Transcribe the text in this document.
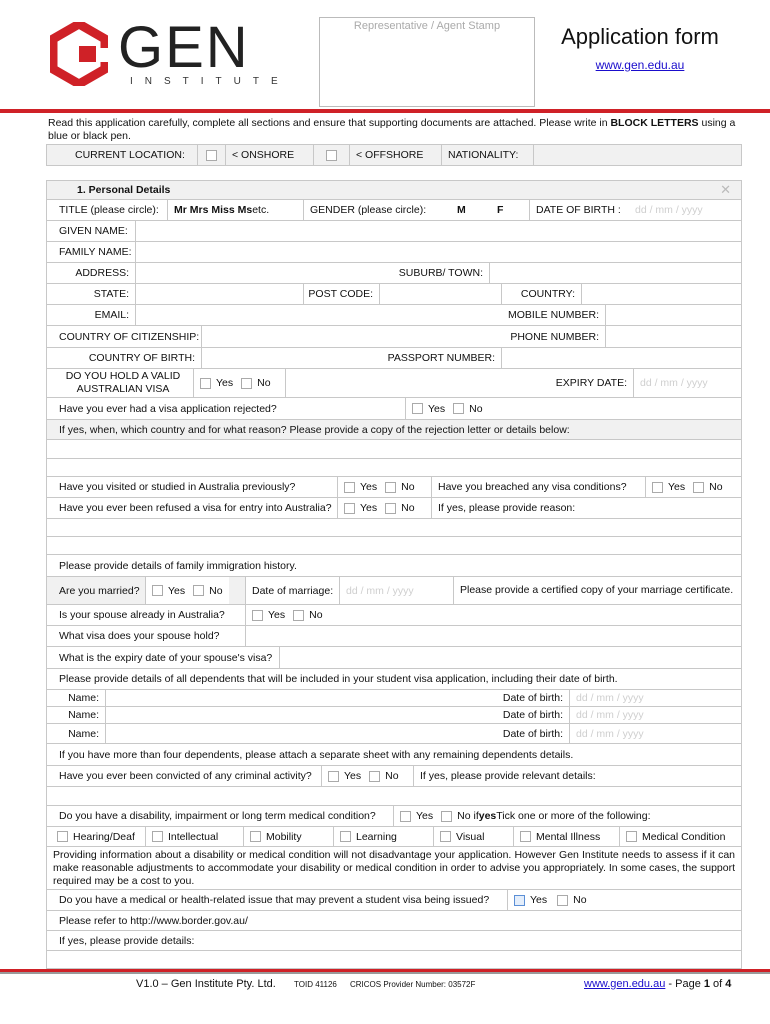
GEN
INSTITUTE
Representative / Agent Stamp	Application form
www.gen.edu.au
Read this application carefully, complete all sections and ensure that supporting documents are attached. Please write in BLOCK LETTERS using a blue or black pen.
CURRENT LOCATION:	< ONSHORE	< OFFSHORE	NATIONALITY:
1. Personal Details	✕
TITLE (please circle):	Mr Mrs Miss Ms etc.	GENDER (please circle):	M	F	DATE OF BIRTH :	dd / mm / yyyy
GIVEN NAME:
FAMILY NAME:
ADDRESS:	SUBURB/ TOWN:
STATE:	POST CODE:	COUNTRY:
EMAIL:	MOBILE NUMBER:
COUNTRY OF CITIZENSHIP:	PHONE NUMBER:
COUNTRY OF BIRTH:	PASSPORT NUMBER:
DO YOU HOLD A VALID AUSTRALIAN VISA	Yes No	EXPIRY DATE:	dd / mm / yyyy
Have you ever had a visa application rejected?	Yes No
If yes, when, which country and for what reason? Please provide a copy of the rejection letter or details below:
Have you visited or studied in Australia previously?	Yes No	Have you breached any visa conditions?	Yes No
Have you ever been refused a visa for entry into Australia?	Yes No	If yes, please provide reason:
Please provide details of family immigration history.
Are you married?	Yes No	Date of marriage:	dd / mm / yyyy	Please provide a certified copy of your marriage certificate.
Is your spouse already in Australia?	Yes No
What visa does your spouse hold?
What is the expiry date of your spouse's visa?
Please provide details of all dependents that will be included in your student visa application, including their date of birth.
Name:	Date of birth:	dd / mm / yyyy
Name:	Date of birth:	dd / mm / yyyy
Name:	Date of birth:	dd / mm / yyyy
If you have more than four dependents, please attach a separate sheet with any remaining dependents details.
Have you ever been convicted of any criminal activity?	Yes No	If yes, please provide relevant details:
Do you have a disability, impairment or long term medical condition?	Yes No if yes Tick one or more of the following:
Hearing/Deaf	Intellectual	Mobility	Learning	Visual	Mental Illness	Medical Condition
Providing information about a disability or medical condition will not disadvantage your application. However Gen Institute needs to assess if it can make reasonable adjustments to accommodate your disability or medical condition in order to advise you appropriately. In some cases, the support required may be a cost to you.
Do you have a medical or health-related issue that may prevent a student visa being issued?	Yes No
Please refer to http://www.border.gov.au/
If yes, please provide details:
V1.0 – Gen Institute Pty. Ltd. TOID 41126 CRICOS Provider Number: 03572F	www.gen.edu.au - Page 1 of 4
